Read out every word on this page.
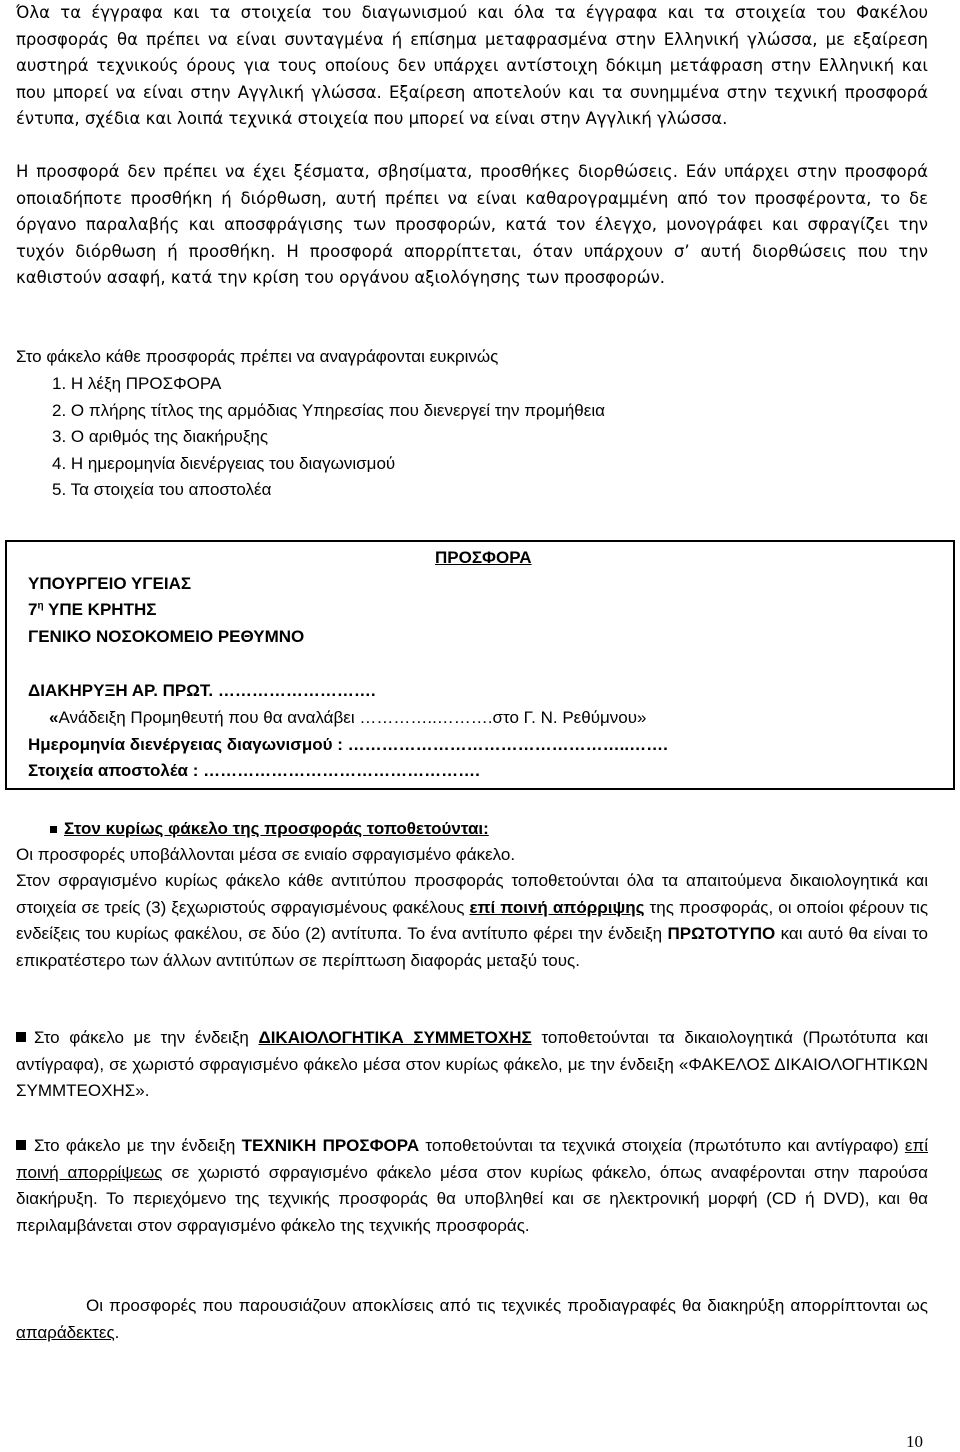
Όλα τα έγγραφα και τα στοιχεία του διαγωνισμού και όλα τα έγγραφα και τα στοιχεία του Φακέλου προσφοράς θα πρέπει να είναι συνταγμένα ή επίσημα μεταφρασμένα στην Ελληνική γλώσσα, με εξαίρεση αυστηρά τεχνικούς όρους για τους οποίους δεν υπάρχει αντίστοιχη δόκιμη μετάφραση στην Ελληνική και που μπορεί να είναι στην Αγγλική γλώσσα. Εξαίρεση αποτελούν και τα συνημμένα στην τεχνική προσφορά έντυπα, σχέδια και λοιπά τεχνικά στοιχεία που μπορεί να είναι στην Αγγλική γλώσσα.

Η προσφορά δεν πρέπει να έχει ξέσματα, σβησίματα, προσθήκες διορθώσεις. Εάν υπάρχει στην προσφορά οποιαδήποτε προσθήκη ή διόρθωση, αυτή πρέπει να είναι καθαρογραμμένη από τον προσφέροντα, το δε όργανο παραλαβής και αποσφράγισης των προσφορών, κατά τον έλεγχο, μονογράφει και σφραγίζει την τυχόν διόρθωση ή προσθήκη. Η προσφορά απορρίπτεται, όταν υπάρχουν σ’ αυτή διορθώσεις που την καθιστούν ασαφή, κατά την κρίση του οργάνου αξιολόγησης των προσφορών.

Στο φάκελο κάθε προσφοράς πρέπει να αναγράφονται ευκρινώς
1. Η λέξη ΠΡΟΣΦΟΡΑ
2. Ο πλήρης τίτλος της αρμόδιας Υπηρεσίας που διενεργεί την προμήθεια
3. Ο αριθμός της διακήρυξης
4. Η ημερομηνία διενέργειας του διαγωνισμού
5. Τα στοιχεία του αποστολέα
ΠΡΟΣΦΟΡΑ
ΥΠΟΥΡΓΕΙΟ ΥΓΕΙΑΣ
$7^\eta$ ΥΠΕ ΚΡΗΤΗΣ
ΓΕΝΙΚΟ ΝΟΣΟΚΟΜΕΙΟ ΡΕΘΥΜΝΟ
ΔΙΑΚΗΡΥΞΗ ΑΡ. ΠΡΩΤ. ……………………….
«Ανάδειξη Προμηθευτή που θα αναλάβει …………..……….στο Γ. Ν. Ρεθύμνου»
Ημερομηνία διενέργειας διαγωνισμού : …………………………………………..…….
Στοιχεία αποστολέα : ………………………………………….
Στον κυρίως φάκελο της προσφοράς τοποθετούνται:
Οι προσφορές υποβάλλονται μέσα σε ενιαίο σφραγισμένο φάκελο.

Στον σφραγισμένο κυρίως φάκελο κάθε αντιτύπου προσφοράς τοποθετούνται όλα τα απαιτούμενα δικαιολογητικά και στοιχεία σε τρείς (3) ξεχωριστούς σφραγισμένους φακέλους επί ποινή απόρριψης της προσφοράς, οι οποίοι φέρουν τις ενδείξεις του κυρίως φακέλου, σε δύο (2) αντίτυπα. Το ένα αντίτυπο φέρει την ένδειξη ΠΡΩΤΟΤΥΠΟ και αυτό θα είναι το επικρατέστερο των άλλων αντιτύπων σε περίπτωση διαφοράς μεταξύ τους.

Στο φάκελο με την ένδειξη ΔΙΚΑΙΟΛΟΓΗΤΙΚΑ ΣΥΜΜΕΤΟΧΗΣ τοποθετούνται τα δικαιολογητικά (Πρωτότυπα και αντίγραφα), σε χωριστό σφραγισμένο φάκελο μέσα στον κυρίως φάκελο, με την ένδειξη «ΦΑΚΕΛΟΣ ΔΙΚΑΙΟΛΟΓΗΤΙΚΩΝ ΣΥΜΜΤΕΟΧΗΣ».

Στο φάκελο με την ένδειξη ΤΕΧΝΙΚΗ ΠΡΟΣΦΟΡΑ τοποθετούνται τα τεχνικά στοιχεία (πρωτότυπο και αντίγραφο) επί ποινή απορρίψεως σε χωριστό σφραγισμένο φάκελο μέσα στον κυρίως φάκελο, όπως αναφέρονται στην παρούσα διακήρυξη. Το περιεχόμενο της τεχνικής προσφοράς θα υποβληθεί και σε ηλεκτρονική μορφή (CD ή DVD), και θα περιλαμβάνεται στον σφραγισμένο φάκελο της τεχνικής προσφοράς.

Οι προσφορές που παρουσιάζουν αποκλίσεις από τις τεχνικές προδιαγραφές θα διακηρύξη απορρίπτονται ως απαράδεκτες.

10
